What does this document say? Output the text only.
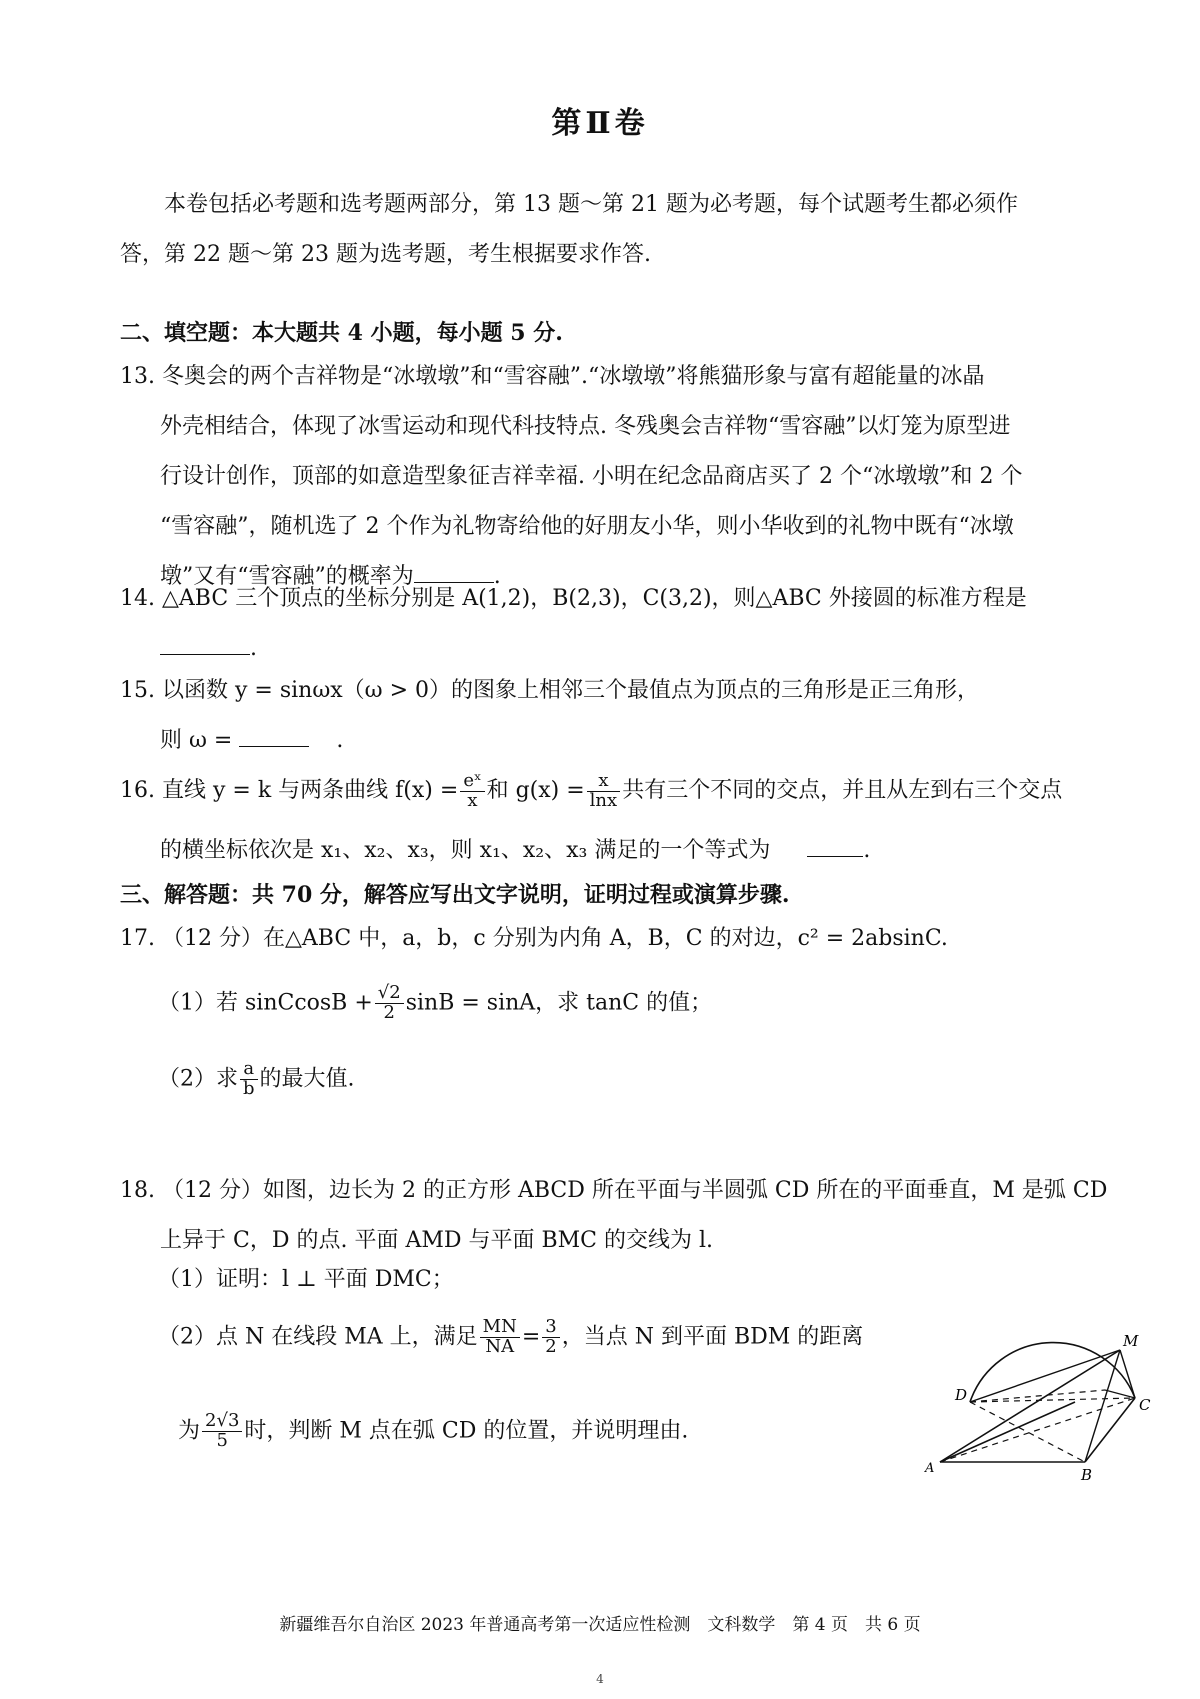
第Ⅱ卷
本卷包括必考题和选考题两部分，第 13 题～第 21 题为必考题，每个试题考生都必须作
答，第 22 题～第 23 题为选考题，考生根据要求作答.
二、填空题：本大题共 4 小题，每小题 5 分.
13. 冬奥会的两个吉祥物是“冰墩墩”和“雪容融”.“冰墩墩”将熊猫形象与富有超能量的冰晶
外壳相结合，体现了冰雪运动和现代科技特点. 冬残奥会吉祥物“雪容融”以灯笼为原型进
行设计创作，顶部的如意造型象征吉祥幸福. 小明在纪念品商店买了 2 个“冰墩墩”和 2 个
“雪容融”，随机选了 2 个作为礼物寄给他的好朋友小华，则小华收到的礼物中既有“冰墩
墩”又有“雪容融”的概率为	.
14. △ABC 三个顶点的坐标分别是 A(1,2)，B(2,3)，C(3,2)，则△ABC 外接圆的标准方程是
.
15. 以函数 y = sinωx（ω > 0）的图象上相邻三个最值点为顶点的三角形是正三角形，
则 ω =	.
16. 直线 y = k 与两条曲线 $f(x) = \frac{\text{eˣ}}{x}$ 和 $g(x) = \frac{x}{\ln x}$ 共有三个不同的交点，并且从左到右三个交点
的横坐标依次是 x₁、x₂、x₃，则 x₁、x₂、x₃ 满足的一个等式为	.
三、解答题：共 70 分，解答应写出文字说明，证明过程或演算步骤.
17. （12 分）在△ABC 中，a，b，c 分别为内角 A，B，C 的对边，c² = 2absinC.
（1）若 sinCcosB + $\frac{√2}{2}$ sinB = sinA，求 tanC 的值；
（2）求 $\frac{a}{b}$ 的最大值.
18. （12 分）如图，边长为 2 的正方形 ABCD 所在平面与半圆弧 CD 所在的平面垂直，M 是弧 CD
上异于 C，D 的点. 平面 AMD 与平面 BMC 的交线为 l.
（1）证明：l ⊥ 平面 DMC；
（2）点 N 在线段 MA 上，满足 $\frac{MN}{NA} = \frac{3}{2}$ ，当点 N 到平面 BDM 的距离
为 $\frac{2√3}{5}$ 时，判断 M 点在弧 CD 的位置，并说明理由.
M
D
C
A	B
新疆维吾尔自治区 2023 年普通高考第一次适应性检测　文科数学　第 4 页　共 6 页
4
